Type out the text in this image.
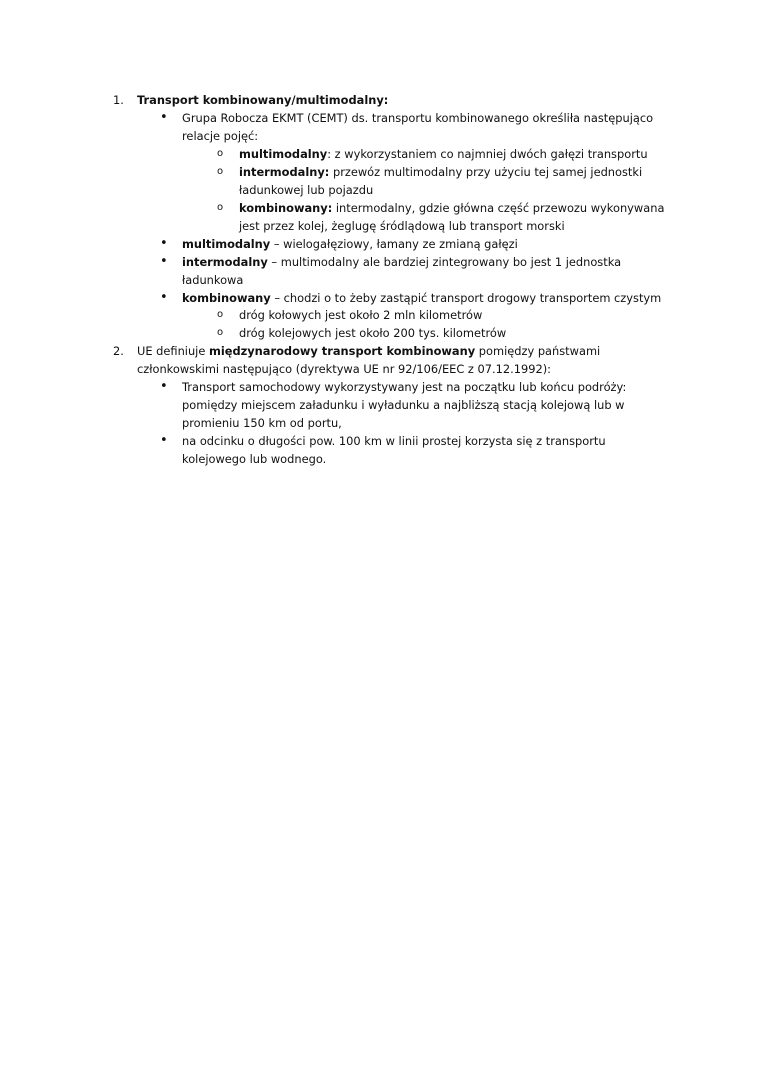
1. Transport kombinowany/multimodalny:
• Grupa Robocza EKMT (CEMT) ds. transportu kombinowanego określiła następująco
relacje pojęć:
o multimodalny: z wykorzystaniem co najmniej dwóch gałęzi transportu
o intermodalny: przewóz multimodalny przy użyciu tej samej jednostki
ładunkowej lub pojazdu
o kombinowany: intermodalny, gdzie główna część przewozu wykonywana
jest przez kolej, żeglugę śródlądową lub transport morski
• multimodalny – wielogałęziowy, łamany ze zmianą gałęzi
• intermodalny – multimodalny ale bardziej zintegrowany bo jest 1 jednostka
ładunkowa
• kombinowany – chodzi o to żeby zastąpić transport drogowy transportem czystym
o dróg kołowych jest około 2 mln kilometrów
o dróg kolejowych jest około 200 tys. kilometrów
2. UE definiuje międzynarodowy transport kombinowany pomiędzy państwami
członkowskimi następująco (dyrektywa UE nr 92/106/EEC z 07.12.1992):
• Transport samochodowy wykorzystywany jest na początku lub końcu podróży:
pomiędzy miejscem załadunku i wyładunku a najbliższą stacją kolejową lub w
promieniu 150 km od portu,
• na odcinku o długości pow. 100 km w linii prostej korzysta się z transportu
kolejowego lub wodnego.
